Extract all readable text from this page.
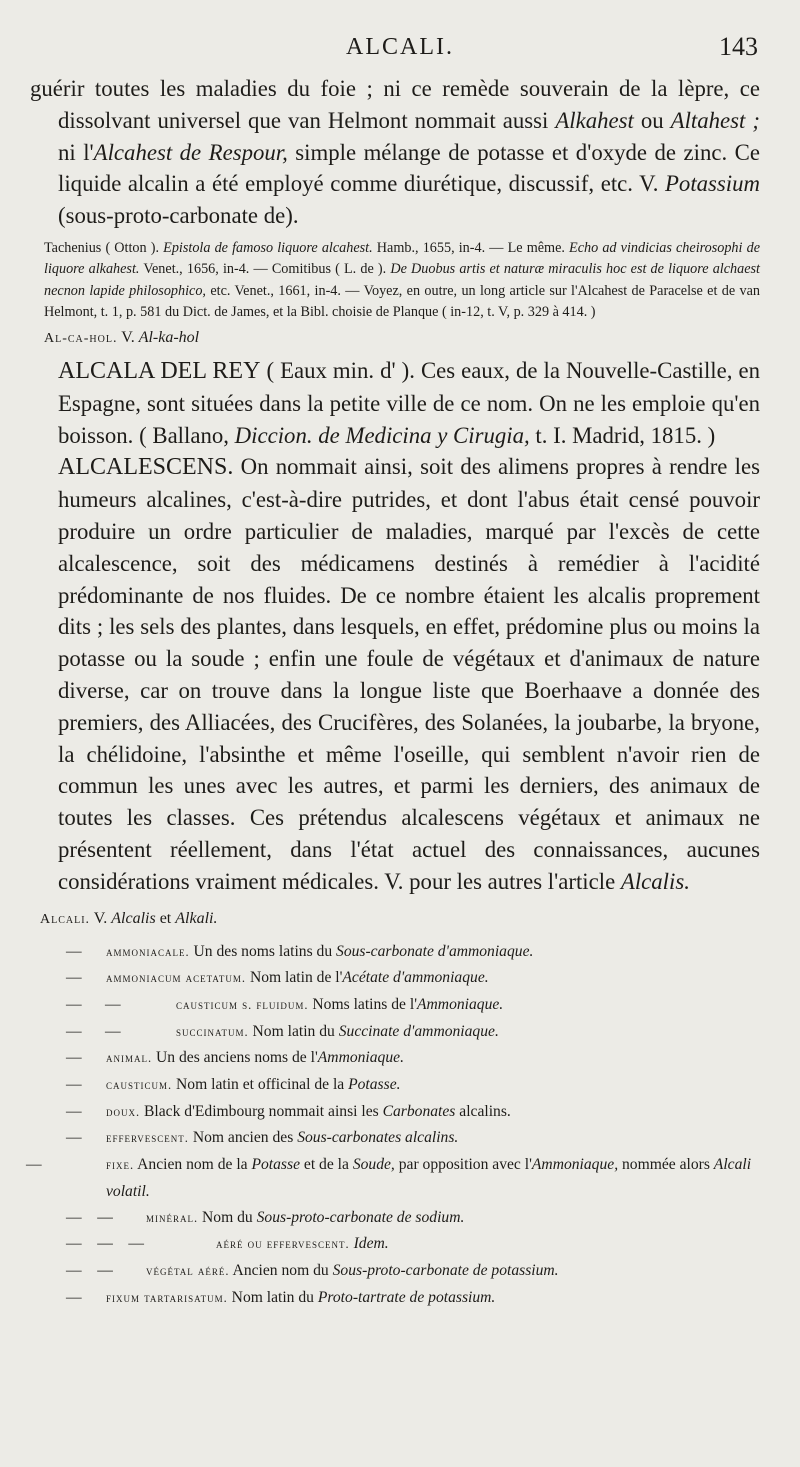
ALCALI.	143

guérir toutes les maladies du foie ; ni ce remède souverain de la lèpre, ce dissolvant universel que van Helmont nommait aussi Alkahest ou Altahest ; ni l'Alcahest de Respour, simple mélange de potasse et d'oxyde de zinc. Ce liquide alcalin a été employé comme diurétique, discussif, etc. V. Potassium (sous-proto-carbonate de).

Tachenius ( Otton ). Epistola de famoso liquore alcahest. Hamb., 1655, in-4. — Le même. Echo ad vindicias cheirosophi de liquore alkahest. Venet., 1656, in-4. — Comitibus ( L. de ). De Duobus artis et naturæ miraculis hoc est de liquore alchaest necnon lapide philosophico, etc. Venet., 1661, in-4. — Voyez, en outre, un long article sur l'Alcahest de Paracelse et de van Helmont, t. 1, p. 581 du Dict. de James, et la Bibl. choisie de Planque ( in-12, t. V, p. 329 à 414. )

Al-ca-hol. V. Al-ka-hol

ALCALA DEL REY ( Eaux min. d' ). Ces eaux, de la Nouvelle-Castille, en Espagne, sont situées dans la petite ville de ce nom. On ne les emploie qu'en boisson. ( Ballano, Diccion. de Medicina y Cirugia, t. I. Madrid, 1815. )

ALCALESCENS. On nommait ainsi, soit des alimens propres à rendre les humeurs alcalines, c'est-à-dire putrides, et dont l'abus était censé pouvoir produire un ordre particulier de maladies, marqué par l'excès de cette alcalescence, soit des médicamens destinés à remédier à l'acidité prédominante de nos fluides. De ce nombre étaient les alcalis proprement dits ; les sels des plantes, dans lesquels, en effet, prédomine plus ou moins la potasse ou la soude ; enfin une foule de végétaux et d'animaux de nature diverse, car on trouve dans la longue liste que Boerhaave a donnée des premiers, des Alliacées, des Crucifères, des Solanées, la joubarbe, la bryone, la chélidoine, l'absinthe et même l'oseille, qui semblent n'avoir rien de commun les unes avec les autres, et parmi les derniers, des animaux de toutes les classes. Ces prétendus alcalescens végétaux et animaux ne présentent réellement, dans l'état actuel des connaissances, aucunes considérations vraiment médicales. V. pour les autres l'article Alcalis.

Alcali. V. Alcalis et Alkali.
— ammoniacale. Un des noms latins du Sous-carbonate d'ammoniaque.
— ammoniacum acetatum. Nom latin de l'Acétate d'ammoniaque.
—      —	causticum s. fluidum. Noms latins de l'Ammoniaque.
—      —	succinatum. Nom latin du Succinate d'ammoniaque.
— animal. Un des anciens noms de l'Ammoniaque.
— causticum. Nom latin et officinal de la Potasse.
— doux. Black d'Edimbourg nommait ainsi les Carbonates alcalins.
— effervescent. Nom ancien des Sous-carbonates alcalins.
—	fixe. Ancien nom de la Potasse et de la Soude, par opposition avec l'Ammoniaque, nommée alors Alcali volatil.
—    —	minéral. Nom du Sous-proto-carbonate de sodium.
—    —    —	aéré ou effervescent. Idem.
—    —	végétal aéré. Ancien nom du Sous-proto-carbonate de potassium.
— fixum tartarisatum. Nom latin du Proto-tartrate de potassium.
